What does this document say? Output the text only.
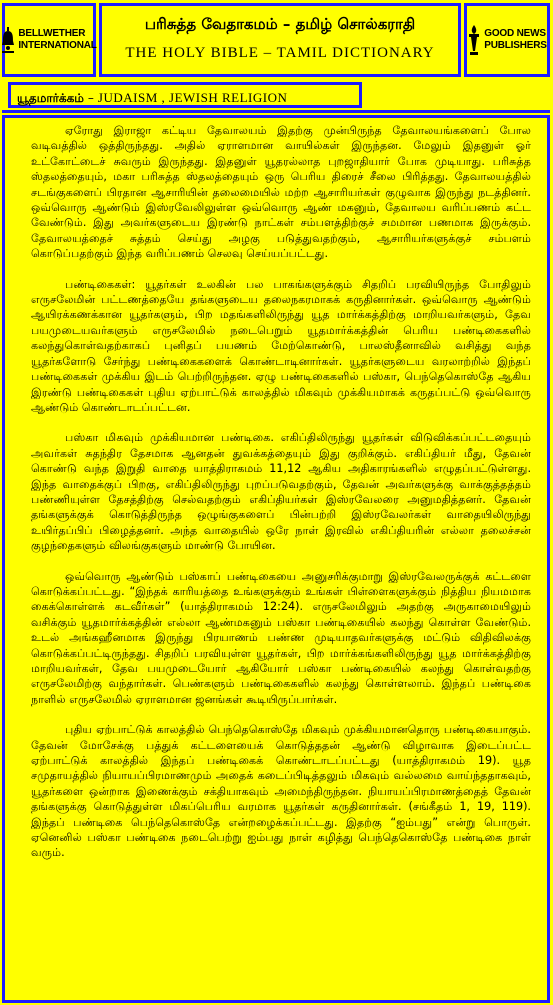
BELLWETHER
INTERNATIONAL
பரிசுத்த வேதாகமம் – தமிழ் சொல்கராதி
THE HOLY BIBLE – TAMIL DICTIONARY
GOOD NEWS
PUBLISHERS
யூதமார்க்கம் – JUDAISM , JEWISH RELIGION

ஏரோது இராஜா கட்டிய தேவாலயம் இதற்கு முன்பிருந்த தேவாலயங்களைப் போல வடிவத்தில் ஒத்திருந்தது. அதில் ஏராளமான வாயில்கள் இருந்தன. மேலும் இதனுள் ஓர் உட்கோட்டைச் சுவரும் இருந்தது. இதனுள் யூதரல்லாத புறஜாதியார் போக முடியாது. பரிசுத்த ஸ்தலத்தையும், மகா பரிசுத்த ஸ்தலத்தையும் ஒரு பெரிய திரைச் சீலை பிரித்தது. தேவாலயத்தில் சடங்குகளைப் பிரதான ஆசாரியின் தலைமையில் மற்ற ஆசாரியர்கள் குழுவாக இருந்து நடத்தினர். ஒவ்வொரு ஆண்டும் இஸ்ரவேலிலுள்ள ஒவ்வொரு ஆண் மகனும், தேவாலய வரிப்பணம் கட்ட வேண்டும். இது அவர்களுடைய இரண்டு நாட்கள் சம்பளத்திற்குச் சமமான பணமாக இருக்கும். தேவாலயத்தைச் சுத்தம் செய்து அழகு படுத்துவதற்கும், ஆசாரியர்களுக்குச் சம்பளம் கொடுப்பதற்கும் இந்த வரிப்பணம் செலவு செய்யப்பட்டது.

பண்டிகைகள்: யூதர்கள் உலகின் பல பாகங்களுக்கும் சிதறிப் பரவியிருந்த போதிலும் எருசலேமின் பட்டணத்தையே தங்களுடைய தலைநகரமாகக் கருதினார்கள். ஒவ்வொரு ஆண்டும் ஆயிரக்கணக்கான யூதர்களும், பிற மதங்களிலிருந்து யூத மார்க்கத்திற்கு மாறியவர்களும், தேவ பயமுடையவர்களும் எருசலேமில் நடைபெறும் யூதமார்க்கத்தின் பெரிய பண்டிகைகளில் கலந்துகொள்வதற்காகப் புனிதப் பயணம் மேற்கொண்டு, பாலஸ்தீனாவில் வசித்து வந்த யூதர்களோடு சேர்ந்து பண்டிகைகளைக் கொண்டாடினார்கள். யூதர்களுடைய வரலாற்றில் இந்தப் பண்டிகைகள் முக்கிய இடம் பெற்றிருந்தன. ஏழு பண்டிகைகளில் பஸ்கா, பெந்தெகொஸ்தே ஆகிய இரண்டு பண்டிகைகள் புதிய ஏற்பாட்டுக் காலத்தில் மிகவும் முக்கியமாகக் கருதப்பட்டு ஒவ்வொரு ஆண்டும் கொண்டாடப்பட்டன.

பஸ்கா மிகவும் முக்கியமான பண்டிகை. எகிப்திலிருந்து யூதர்கள் விடுவிக்கப்பட்டதையும் அவர்கள் சுதந்திர தேசமாக ஆனதன் துவக்கத்தையும் இது குறிக்கும். எகிப்தியர் மீது, தேவன் கொண்டு வந்த இறுதி வாதை யாத்திராகமம் 11,12 ஆகிய அதிகாரங்களில் எழுதப்பட்டுள்ளது. இந்த வாதைக்குப் பிறகு, எகிப்திலிருந்து புறப்படுவதற்கும், தேவன் அவர்களுக்கு வாக்குத்தத்தம் பண்ணியுள்ள தேசத்திற்கு செல்வதற்கும் எகிப்தியர்கள் இஸ்ரவேலரை அனுமதித்தனர். தேவன் தங்களுக்குக் கொடுத்திருந்த ஒழுங்குகளைப் பின்பற்றி இஸ்ரவேலர்கள் வாதையிலிருந்து உயிர்தப்பிப் பிழைத்தனர். அந்த வாதையில் ஒரே நாள் இரவில் எகிப்தியரின் எல்லா தலைச்சன் குழந்தைகளும் விலங்குகளும் மாண்டு போயின.

ஒவ்வொரு ஆண்டும் பஸ்காப் பண்டிகையை அனுசரிக்குமாறு இஸ்ரவேலருக்குக் கட்டளை கொடுக்கப்பட்டது. “இந்தக் காரியத்தை உங்களுக்கும் உங்கள் பிள்ளைகளுக்கும் நித்திய நியமமாக கைக்கொள்ளக் கடவீர்கள்” (யாத்திராகமம் 12:24). எருசலேமிலும் அதற்கு அருகாமையிலும் வசிக்கும் யூதமார்க்கத்தின் எல்லா ஆண்மகனும் பஸ்கா பண்டிகையில் கலந்து கொள்ள வேண்டும். உடல் அங்கஹீனமாக இருந்து பிரயாணம் பண்ண முடியாதவர்களுக்கு மட்டும் விதிவிலக்கு கொடுக்கப்பட்டிருந்தது. சிதறிப் பரவியுள்ள யூதர்கள், பிற மார்க்கங்களிலிருந்து யூத மார்க்கத்திற்கு மாறியவர்கள், தேவ பயமுடையோர் ஆகியோர் பஸ்கா பண்டிகையில் கலந்து கொள்வதற்கு எருசலேமிற்கு வந்தார்கள். பெண்களும் பண்டிகைகளில் கலந்து கொள்ளலாம். இந்தப் பண்டிகை நாளில் எருசலேமில் ஏராளமான ஜனங்கள் கூடியிருப்பார்கள்.

புதிய ஏற்பாட்டுக் காலத்தில் பெந்தெகொஸ்தே மிகவும் முக்கியமானதொரு பண்டிகையாகும். தேவன் மோசேக்கு பத்துக் கட்டளையைக் கொடுத்ததன் ஆண்டு விழாவாக இடைப்பட்ட ஏற்பாட்டுக் காலத்தில் இந்தப் பண்டிகைக் கொண்டாடப்பட்டது (யாத்திராகமம் 19). யூத சமுதாயத்தில் நியாயப்பிரமாணமும் அதைக் கடைப்பிடித்தலும் மிகவும் வல்லமை வாய்ந்ததாகவும், யூதர்களை ஒன்றாக இணைக்கும் சக்தியாகவும் அமைந்திருந்தன. நியாயப்பிரமாணத்தைத் தேவன் தங்களுக்கு கொடுத்துள்ள மிகப்பெரிய வரமாக யூதர்கள் கருதினார்கள். (சங்கீதம் 1, 19, 119). இந்தப் பண்டிகை பெந்தெகொஸ்தே என்றழைக்கப்பட்டது. இதற்கு “ஐம்பது” என்று பொருள். ஏனெனில் பஸ்கா பண்டிகை நடைபெற்று ஐம்பது நாள் கழித்து பெந்தெகொஸ்தே பண்டிகை நாள் வரும்.
